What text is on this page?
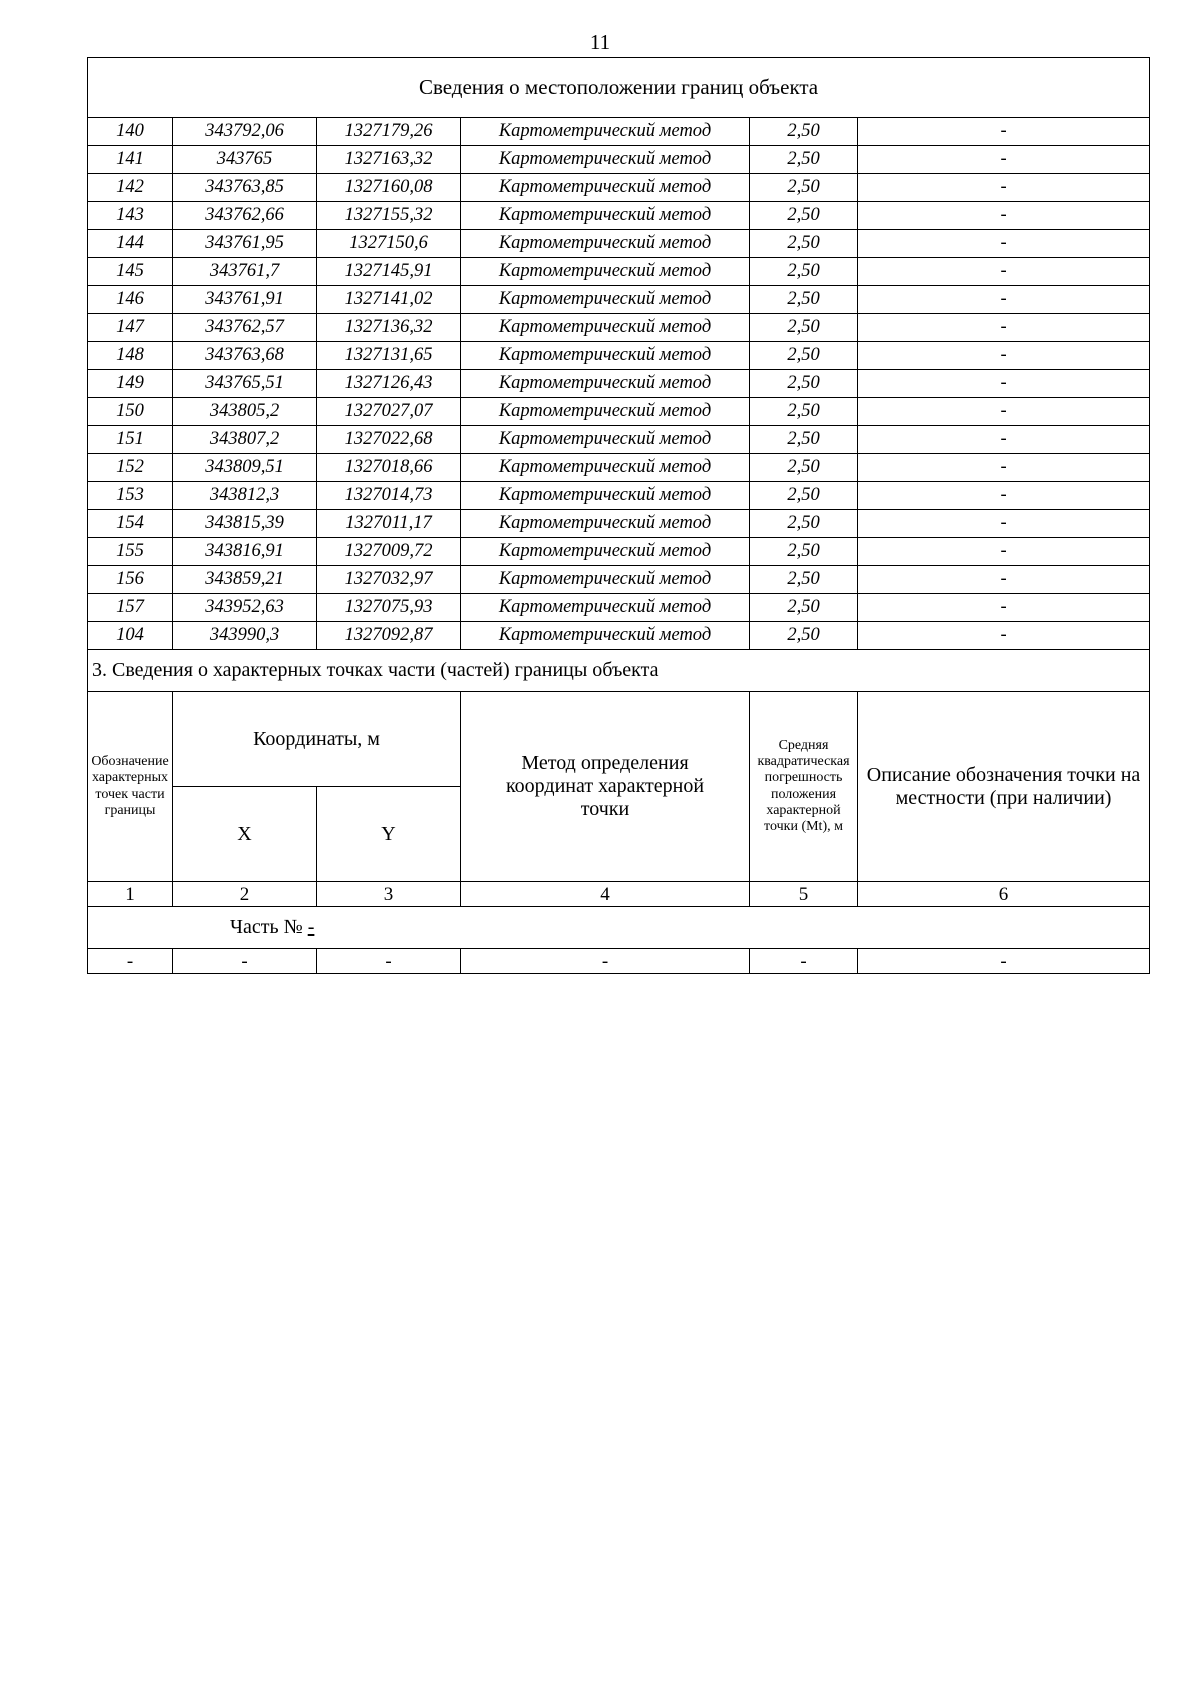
11
Сведения о местоположении границ объекта					
140	343792,06	1327179,26	Картометрический метод	2,50	-
141	343765	1327163,32	Картометрический метод	2,50	-
142	343763,85	1327160,08	Картометрический метод	2,50	-
143	343762,66	1327155,32	Картометрический метод	2,50	-
144	343761,95	1327150,6	Картометрический метод	2,50	-
145	343761,7	1327145,91	Картометрический метод	2,50	-
146	343761,91	1327141,02	Картометрический метод	2,50	-
147	343762,57	1327136,32	Картометрический метод	2,50	-
148	343763,68	1327131,65	Картометрический метод	2,50	-
149	343765,51	1327126,43	Картометрический метод	2,50	-
150	343805,2	1327027,07	Картометрический метод	2,50	-
151	343807,2	1327022,68	Картометрический метод	2,50	-
152	343809,51	1327018,66	Картометрический метод	2,50	-
153	343812,3	1327014,73	Картометрический метод	2,50	-
154	343815,39	1327011,17	Картометрический метод	2,50	-
155	343816,91	1327009,72	Картометрический метод	2,50	-
156	343859,21	1327032,97	Картометрический метод	2,50	-
157	343952,63	1327075,93	Картометрический метод	2,50	-
104	343990,3	1327092,87	Картометрический метод	2,50	-
3. Сведения о характерных точках части (частей) границы объекта					
Обозначение характерных точек части границы	Координаты, м		Метод определения координат характерной точки	Средняя квадратическая погрешность положения характерной точки (Mt), м	Описание обозначения точки на местности (при наличии)
	X	Y			
1	2	3	4	5	6
Часть № -					
-	-	-	-	-	-
